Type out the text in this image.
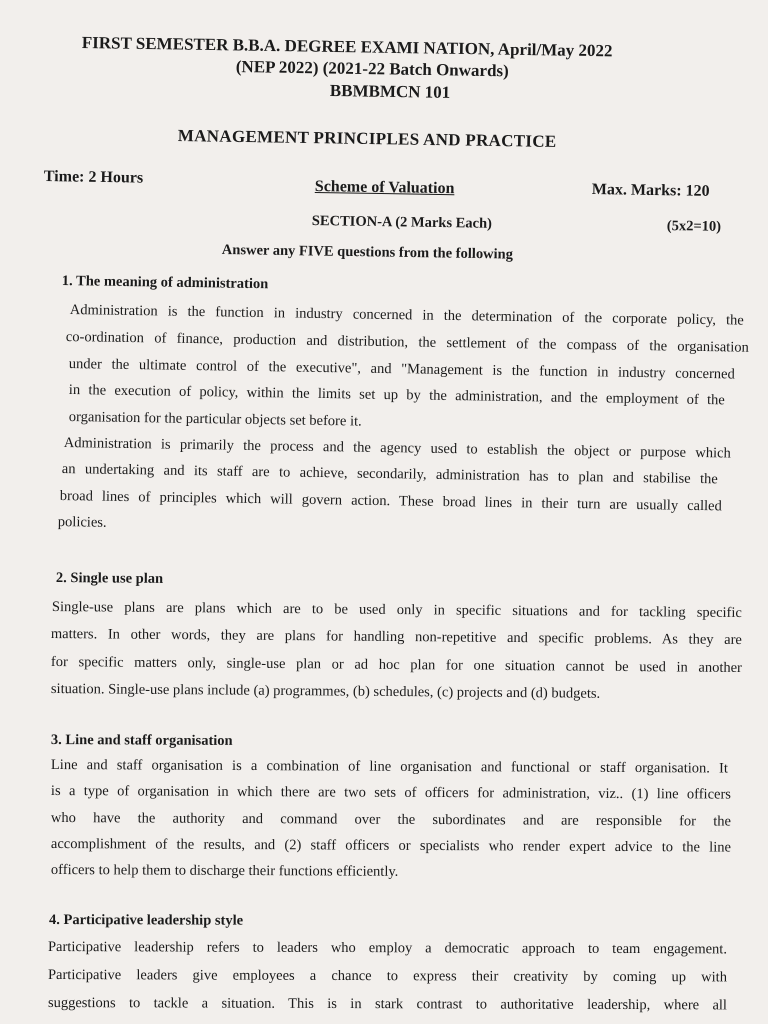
FIRST SEMESTER B.B.A. DEGREE EXAMI NATION, April/May 2022
(NEP 2022) (2021-22 Batch Onwards)
BBMBMCN 101
MANAGEMENT PRINCIPLES AND PRACTICE
Time: 2 Hours
Scheme of Valuation	Max. Marks: 120
SECTION-A (2 Marks Each)	(5x2=10)
Answer any FIVE questions from the following
1. The meaning of administration
Administration is the function in industry concerned in the determination of the corporate policy, the
co-ordination of finance, production and distribution, the settlement of the compass of the organisation
under the ultimate control of the executive", and "Management is the function in industry concerned
in the execution of policy, within the limits set up by the administration, and the employment of the
organisation for the particular objects set before it.
Administration is primarily the process and the agency used to establish the object or purpose which
an undertaking and its staff are to achieve, secondarily, administration has to plan and stabilise the
broad lines of principles which will govern action. These broad lines in their turn are usually called
policies.
2. Single use plan
Single-use plans are plans which are to be used only in specific situations and for tackling specific
matters. In other words, they are plans for handling non-repetitive and specific problems. As they are
for specific matters only, single-use plan or ad hoc plan for one situation cannot be used in another
situation. Single-use plans include (a) programmes, (b) schedules, (c) projects and (d) budgets.
3. Line and staff organisation
Line and staff organisation is a combination of line organisation and functional or staff organisation. It
is a type of organisation in which there are two sets of officers for administration, viz.. (1) line officers
who have the authority and command over the subordinates and are responsible for the
accomplishment of the results, and (2) staff officers or specialists who render expert advice to the line
officers to help them to discharge their functions efficiently.
4. Participative leadership style
Participative leadership refers to leaders who employ a democratic approach to team engagement.
Participative leaders give employees a chance to express their creativity by coming up with
suggestions to tackle a situation. This is in stark contrast to authoritative leadership, where all
